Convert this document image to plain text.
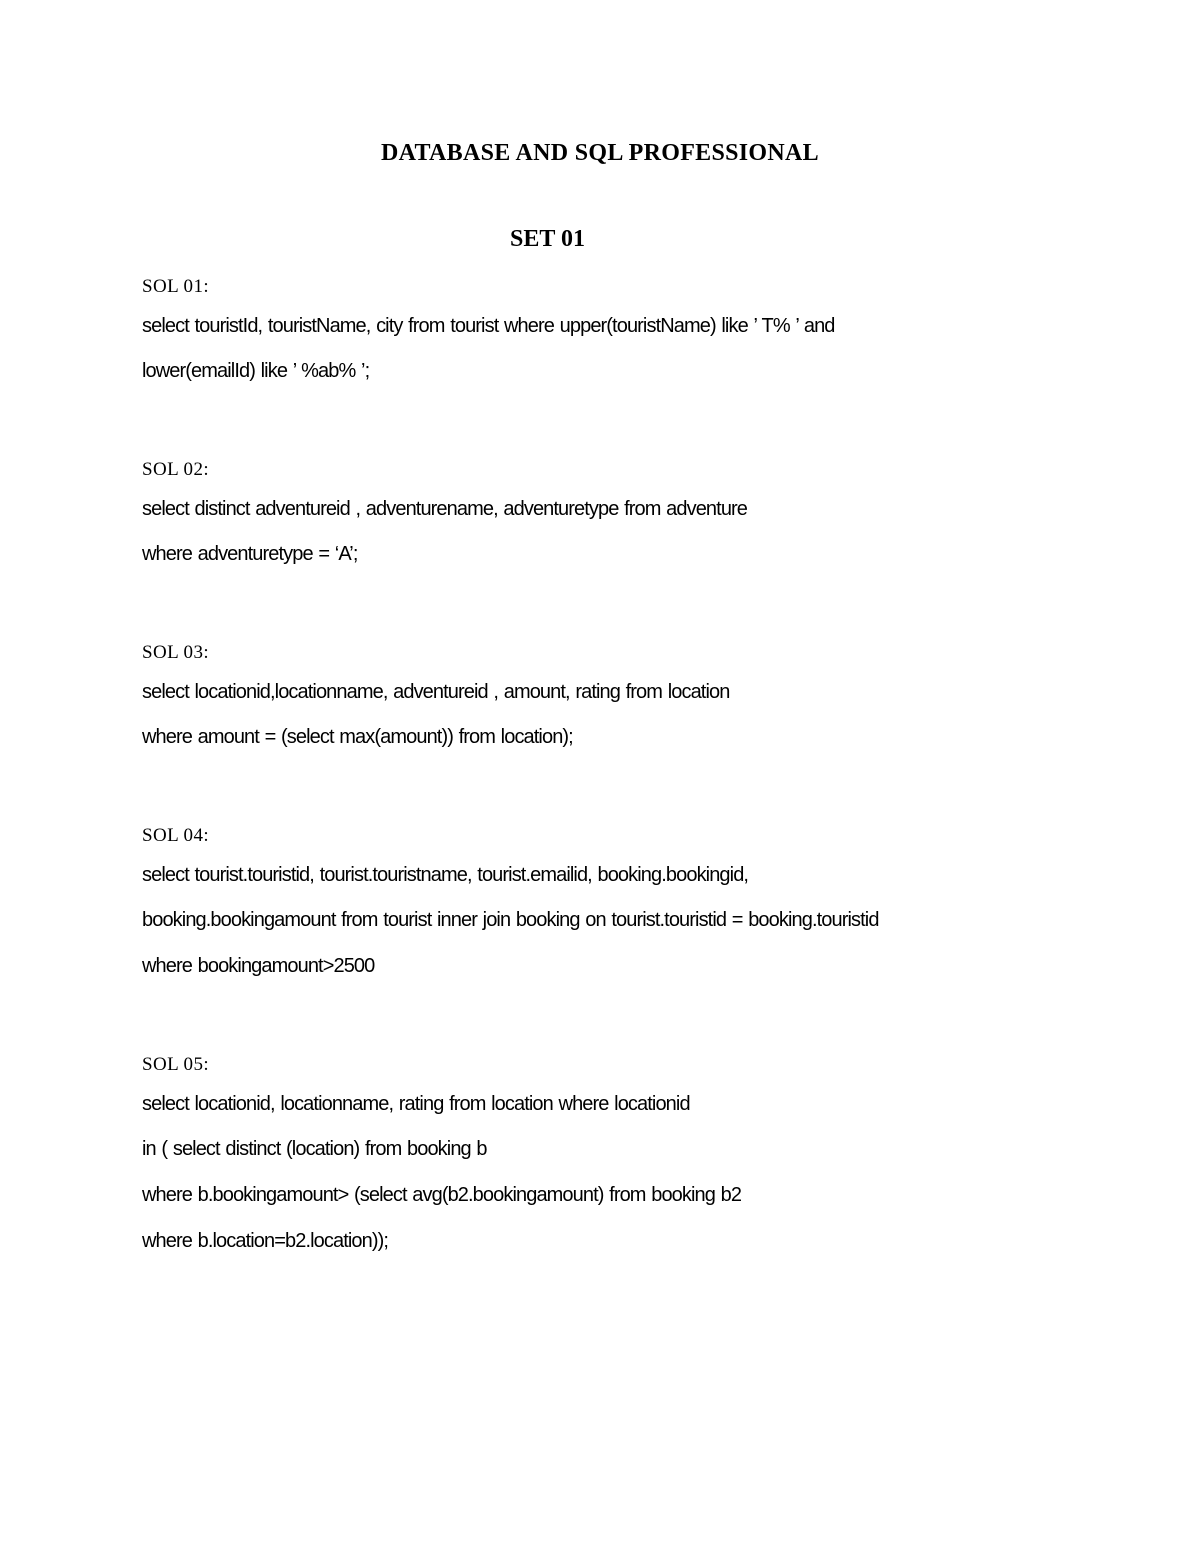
DATABASE AND SQL PROFESSIONAL
SET 01
SOL 01:
select touristId, touristName, city from tourist where upper(touristName) like ’ T% ’ and
lower(emailId) like ’ %ab% ’;
SOL 02:
select distinct adventureid , adventurename, adventuretype from adventure
where adventuretype = ‘A’;
SOL 03:
select locationid,locationname, adventureid , amount, rating from location
where amount = (select max(amount)) from location);
SOL 04:
select tourist.touristid, tourist.touristname, tourist.emailid, booking.bookingid,
booking.bookingamount from tourist inner join booking on tourist.touristid = booking.touristid
where bookingamount>2500
SOL 05:
select locationid, locationname, rating from location where locationid
in ( select distinct (location) from booking b
where b.bookingamount> (select avg(b2.bookingamount) from booking b2
where b.location=b2.location));
